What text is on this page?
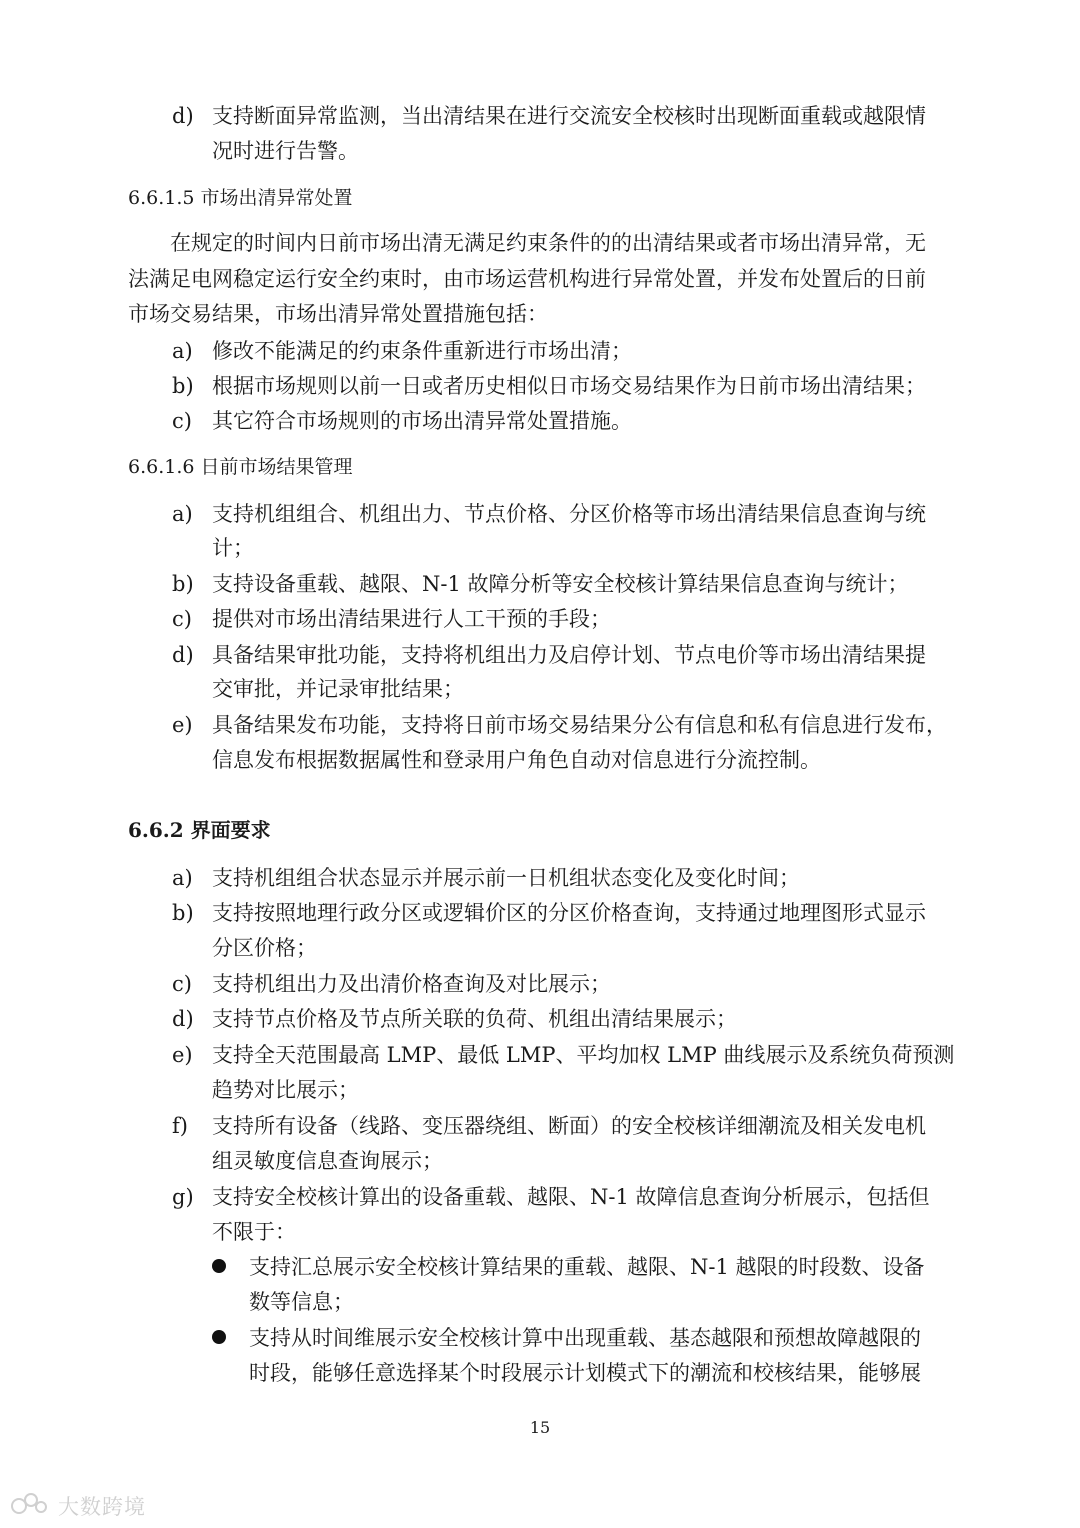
d) 支持断面异常监测，当出清结果在进行交流安全校核时出现断面重载或越限情
况时进行告警。
6.6.1.5 市场出清异常处置
在规定的时间内日前市场出清无满足约束条件的的出清结果或者市场出清异常，无
法满足电网稳定运行安全约束时，由市场运营机构进行异常处置，并发布处置后的日前
市场交易结果，市场出清异常处置措施包括：
a) 修改不能满足的约束条件重新进行市场出清；
b) 根据市场规则以前一日或者历史相似日市场交易结果作为日前市场出清结果；
c) 其它符合市场规则的市场出清异常处置措施。
6.6.1.6 日前市场结果管理
a) 支持机组组合、机组出力、节点价格、分区价格等市场出清结果信息查询与统
计；
b) 支持设备重载、越限、N-1 故障分析等安全校核计算结果信息查询与统计；
c) 提供对市场出清结果进行人工干预的手段；
d) 具备结果审批功能，支持将机组出力及启停计划、节点电价等市场出清结果提
交审批，并记录审批结果；
e) 具备结果发布功能，支持将日前市场交易结果分公有信息和私有信息进行发布，
信息发布根据数据属性和登录用户角色自动对信息进行分流控制。
6.6.2 界面要求
a) 支持机组组合状态显示并展示前一日机组状态变化及变化时间；
b) 支持按照地理行政分区或逻辑价区的分区价格查询，支持通过地理图形式显示
分区价格；
c) 支持机组出力及出清价格查询及对比展示；
d) 支持节点价格及节点所关联的负荷、机组出清结果展示；
e) 支持全天范围最高 LMP、最低 LMP、平均加权 LMP 曲线展示及系统负荷预测
趋势对比展示；
f) 支持所有设备（线路、变压器绕组、断面）的安全校核详细潮流及相关发电机
组灵敏度信息查询展示；
g) 支持安全校核计算出的设备重载、越限、N-1 故障信息查询分析展示，包括但
不限于：
支持汇总展示安全校核计算结果的重载、越限、N-1 越限的时段数、设备
数等信息；
支持从时间维展示安全校核计算中出现重载、基态越限和预想故障越限的
时段，能够任意选择某个时段展示计划模式下的潮流和校核结果，能够展
15
大数跨境
